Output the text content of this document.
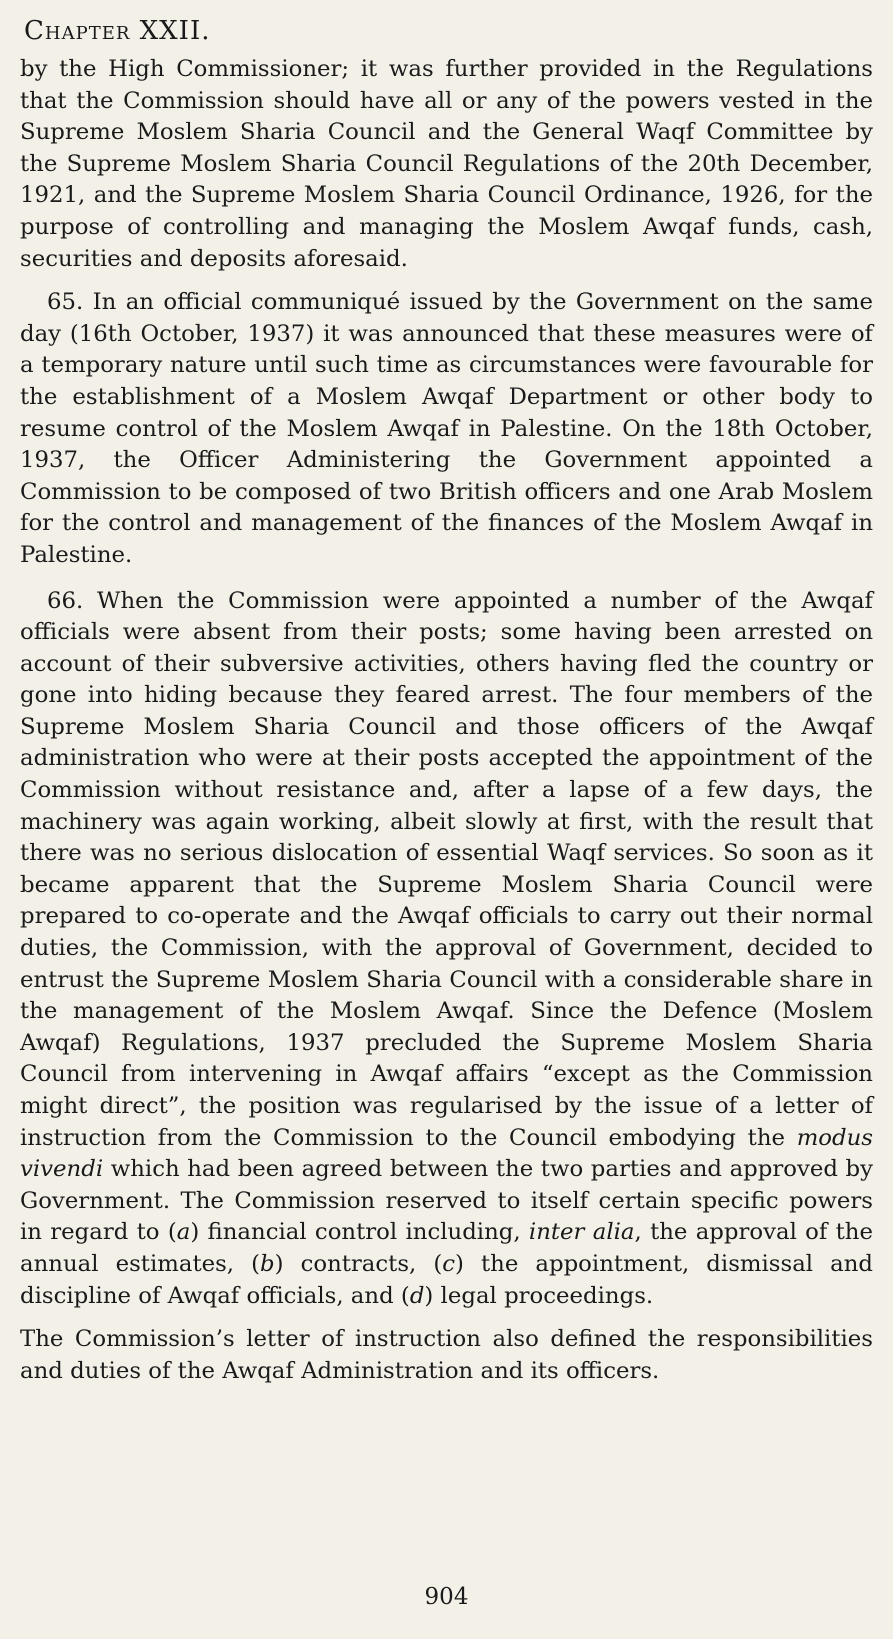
Chapter XXII.

by the High Commissioner; it was further provided in the Regulations that the Commission should have all or any of the powers vested in the Supreme Moslem Sharia Council and the General Waqf Committee by the Supreme Moslem Sharia Council Regulations of the 20th December, 1921, and the Supreme Moslem Sharia Council Ordinance, 1926, for the purpose of controlling and managing the Moslem Awqaf funds, cash, securities and deposits aforesaid.

65. In an official communiqué issued by the Government on the same day (16th October, 1937) it was announced that these measures were of a temporary nature until such time as circumstances were favourable for the establishment of a Moslem Awqaf Department or other body to resume control of the Moslem Awqaf in Palestine. On the 18th October, 1937, the Officer Administering the Government appointed a Commission to be composed of two British officers and one Arab Moslem for the control and management of the finances of the Moslem Awqaf in Palestine.

66. When the Commission were appointed a number of the Awqaf officials were absent from their posts; some having been arrested on account of their subversive activities, others having fled the country or gone into hiding because they feared arrest. The four members of the Supreme Moslem Sharia Council and those officers of the Awqaf administration who were at their posts accepted the appointment of the Commission without resistance and, after a lapse of a few days, the machinery was again working, albeit slowly at first, with the result that there was no serious dislocation of essential Waqf services. So soon as it became apparent that the Supreme Moslem Sharia Council were prepared to co-operate and the Awqaf officials to carry out their normal duties, the Commission, with the approval of Government, decided to entrust the Supreme Moslem Sharia Council with a considerable share in the management of the Moslem Awqaf. Since the Defence (Moslem Awqaf) Regulations, 1937 precluded the Supreme Moslem Sharia Council from intervening in Awqaf affairs “except as the Commission might direct”, the position was regularised by the issue of a letter of instruction from the Commission to the Council embodying the modus vivendi which had been agreed between the two parties and approved by Government. The Commission reserved to itself certain specific powers in regard to (a) financial control including, inter alia, the approval of the annual estimates, (b) contracts, (c) the appointment, dismissal and discipline of Awqaf officials, and (d) legal proceedings.

The Commission’s letter of instruction also defined the responsibilities and duties of the Awqaf Administration and its officers.

904
